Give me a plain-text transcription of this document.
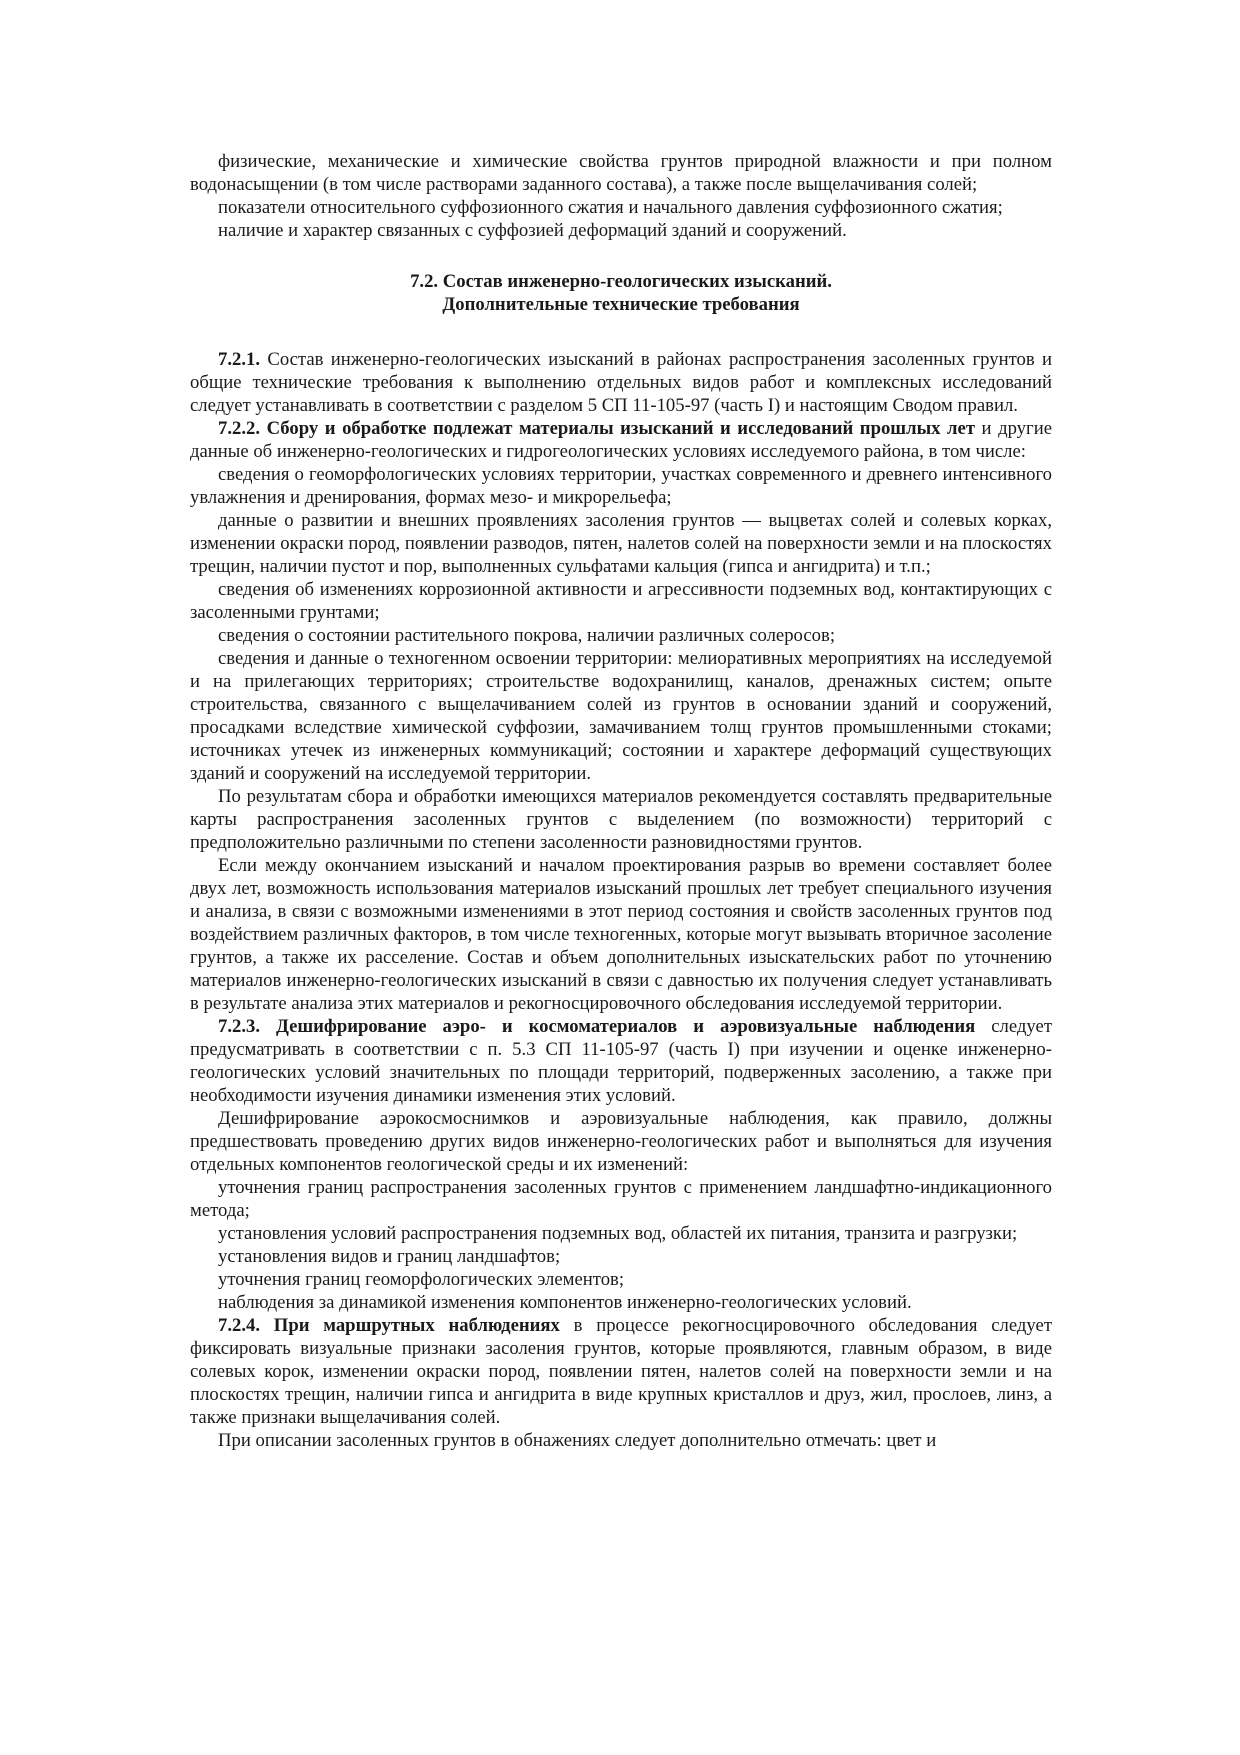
физические, механические и химические свойства грунтов природной влажности и при полном водонасыщении (в том числе растворами заданного состава), а также после выщелачивания солей;

показатели относительного суффозионного сжатия и начального давления суффозионного сжатия;

наличие и характер связанных с суффозией деформаций зданий и сооружений.

7.2. Состав инженерно-геологических изысканий.
Дополнительные технические требования

7.2.1. Состав инженерно-геологических изысканий в районах распространения засоленных грунтов и общие технические требования к выполнению отдельных видов работ и комплексных исследований следует устанавливать в соответствии с разделом 5 СП 11-105-97 (часть I) и настоящим Сводом правил.

7.2.2. Сбору и обработке подлежат материалы изысканий и исследований прошлых лет и другие данные об инженерно-геологических и гидрогеологических условиях исследуемого района, в том числе:

сведения о геоморфологических условиях территории, участках современного и древнего интенсивного увлажнения и дренирования, формах мезо- и микрорельефа;

данные о развитии и внешних проявлениях засоления грунтов — выцветах солей и солевых корках, изменении окраски пород, появлении разводов, пятен, налетов солей на поверхности земли и на плоскостях трещин, наличии пустот и пор, выполненных сульфатами кальция (гипса и ангидрита) и т.п.;

сведения об изменениях коррозионной активности и агрессивности подземных вод, контактирующих с засоленными грунтами;

сведения о состоянии растительного покрова, наличии различных солеросов;

сведения и данные о техногенном освоении территории: мелиоративных мероприятиях на исследуемой и на прилегающих территориях; строительстве водохранилищ, каналов, дренажных систем; опыте строительства, связанного с выщелачиванием солей из грунтов в основании зданий и сооружений, просадками вследствие химической суффозии, замачиванием толщ грунтов промышленными стоками; источниках утечек из инженерных коммуникаций; состоянии и характере деформаций существующих зданий и сооружений на исследуемой территории.

По результатам сбора и обработки имеющихся материалов рекомендуется составлять предварительные карты распространения засоленных грунтов с выделением (по возможности) территорий с предположительно различными по степени засоленности разновидностями грунтов.

Если между окончанием изысканий и началом проектирования разрыв во времени составляет более двух лет, возможность использования материалов изысканий прошлых лет требует специального изучения и анализа, в связи с возможными изменениями в этот период состояния и свойств засоленных грунтов под воздействием различных факторов, в том числе техногенных, которые могут вызывать вторичное засоление грунтов, а также их расселение. Состав и объем дополнительных изыскательских работ по уточнению материалов инженерно-геологических изысканий в связи с давностью их получения следует устанавливать в результате анализа этих материалов и рекогносцировочного обследования исследуемой территории.

7.2.3. Дешифрирование аэро- и космоматериалов и аэровизуальные наблюдения следует предусматривать в соответствии с п. 5.3 СП 11-105-97 (часть I) при изучении и оценке инженерно-геологических условий значительных по площади территорий, подверженных засолению, а также при необходимости изучения динамики изменения этих условий.

Дешифрирование аэрокосмоснимков и аэровизуальные наблюдения, как правило, должны предшествовать проведению других видов инженерно-геологических работ и выполняться для изучения отдельных компонентов геологической среды и их изменений:

уточнения границ распространения засоленных грунтов с применением ландшафтно-индикационного метода;

установления условий распространения подземных вод, областей их питания, транзита и разгрузки;

установления видов и границ ландшафтов;

уточнения границ геоморфологических элементов;

наблюдения за динамикой изменения компонентов инженерно-геологических условий.

7.2.4. При маршрутных наблюдениях в процессе рекогносцировочного обследования следует фиксировать визуальные признаки засоления грунтов, которые проявляются, главным образом, в виде солевых корок, изменении окраски пород, появлении пятен, налетов солей на поверхности земли и на плоскостях трещин, наличии гипса и ангидрита в виде крупных кристаллов и друз, жил, прослоев, линз, а также признаки выщелачивания солей.

При описании засоленных грунтов в обнажениях следует дополнительно отмечать: цвет и
